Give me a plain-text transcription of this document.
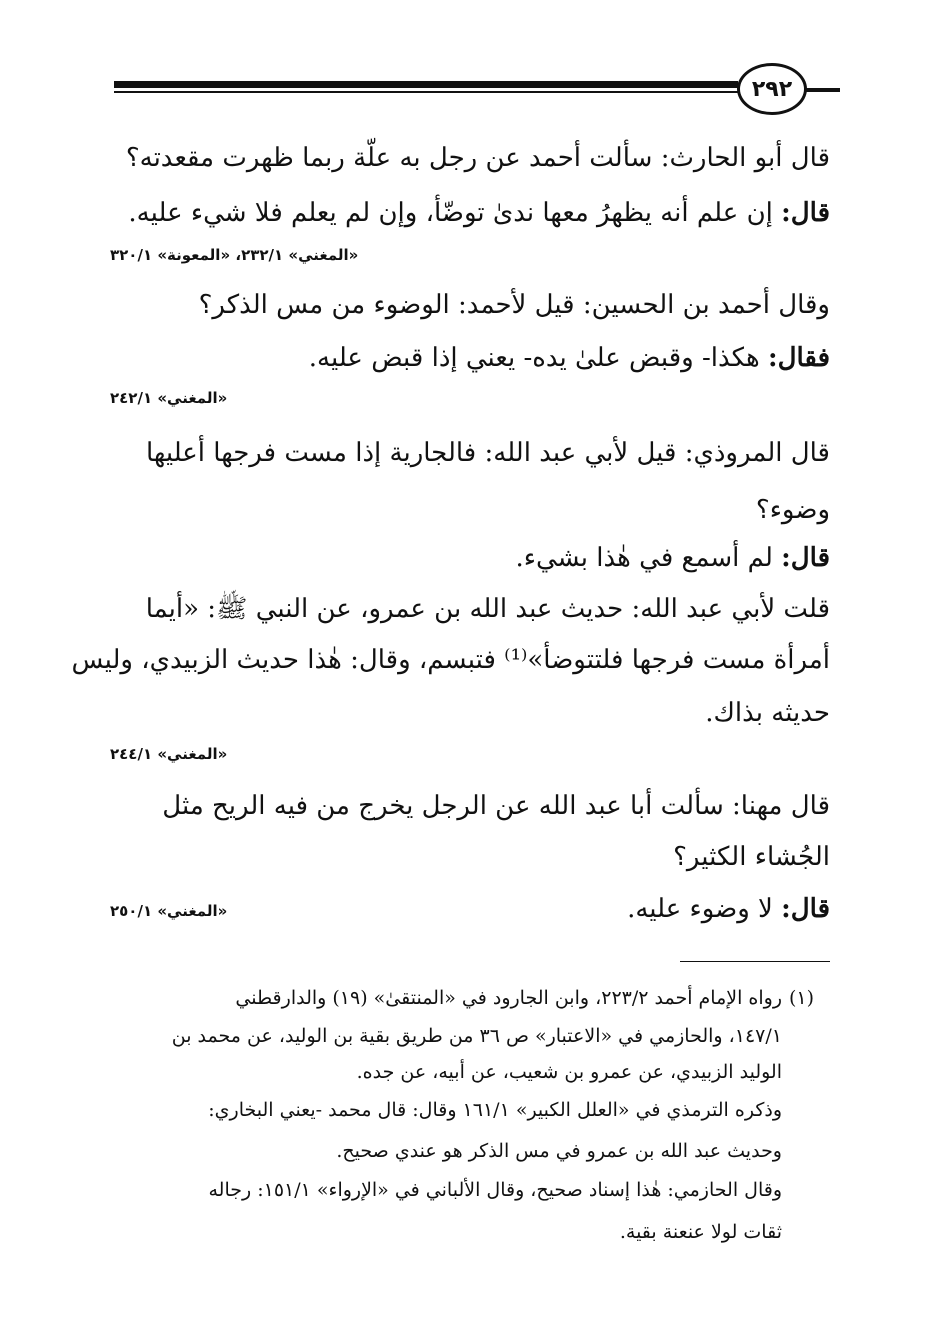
٢٩٢
قال أبو الحارث: سألت أحمد عن رجل به علّة ربما ظهرت مقعدته؟
قال: إن علم أنه يظهرُ معها ندىٰ توضّأ، وإن لم يعلم فلا شيء عليه.
«المغني» ٢٣٢/١، «المعونة» ٣٢٠/١
وقال أحمد بن الحسين: قيل لأحمد: الوضوء من مس الذكر؟
فقال: هكذا- وقبض علىٰ يده- يعني إذا قبض عليه.
«المغني» ٢٤٢/١
قال المروذي: قيل لأبي عبد الله: فالجارية إذا مست فرجها أعليها
وضوء؟
قال: لم أسمع في هٰذا بشيء.
قلت لأبي عبد الله: حديث عبد الله بن عمرو، عن النبي ﷺ: «أيما
أمرأة مست فرجها فلتتوضأ»⁽¹⁾ فتبسم، وقال: هٰذا حديث الزبيدي، وليس
حديثه بذاك.
«المغني» ٢٤٤/١
قال مهنا: سألت أبا عبد الله عن الرجل يخرج من فيه الريح مثل
الجُشاء الكثير؟
قال: لا وضوء عليه.
«المغني» ٢٥٠/١
(١)
رواه الإمام أحمد ٢٢٣/٢، وابن الجارود في «المنتقىٰ» (١٩) والدارقطني
١٤٧/١، والحازمي في «الاعتبار» ص ٣٦ من طريق بقية بن الوليد، عن محمد بن
الوليد الزبيدي، عن عمرو بن شعيب، عن أبيه، عن جده.
وذكره الترمذي في «العلل الكبير» ١٦١/١ وقال: قال محمد -يعني البخاري:
وحديث عبد الله بن عمرو في مس الذكر هو عندي صحيح.
وقال الحازمي: هٰذا إسناد صحيح، وقال الألباني في «الإرواء» ١٥١/١: رجاله
ثقات لولا عنعنة بقية.
